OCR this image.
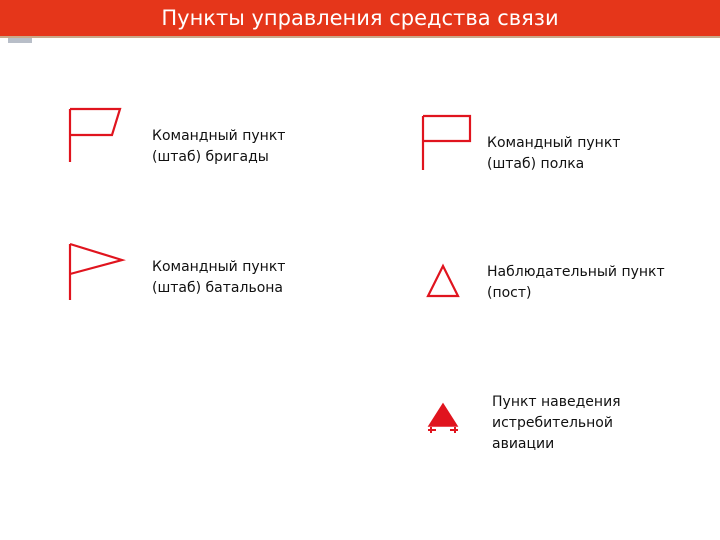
Пункты управления средства связи
Командный пункт
(штаб) бригады
Командный пункт
(штаб) полка
Командный пункт
(штаб) батальона
Наблюдательный пункт
(пост)
Пункт наведения
истребительной
авиации
